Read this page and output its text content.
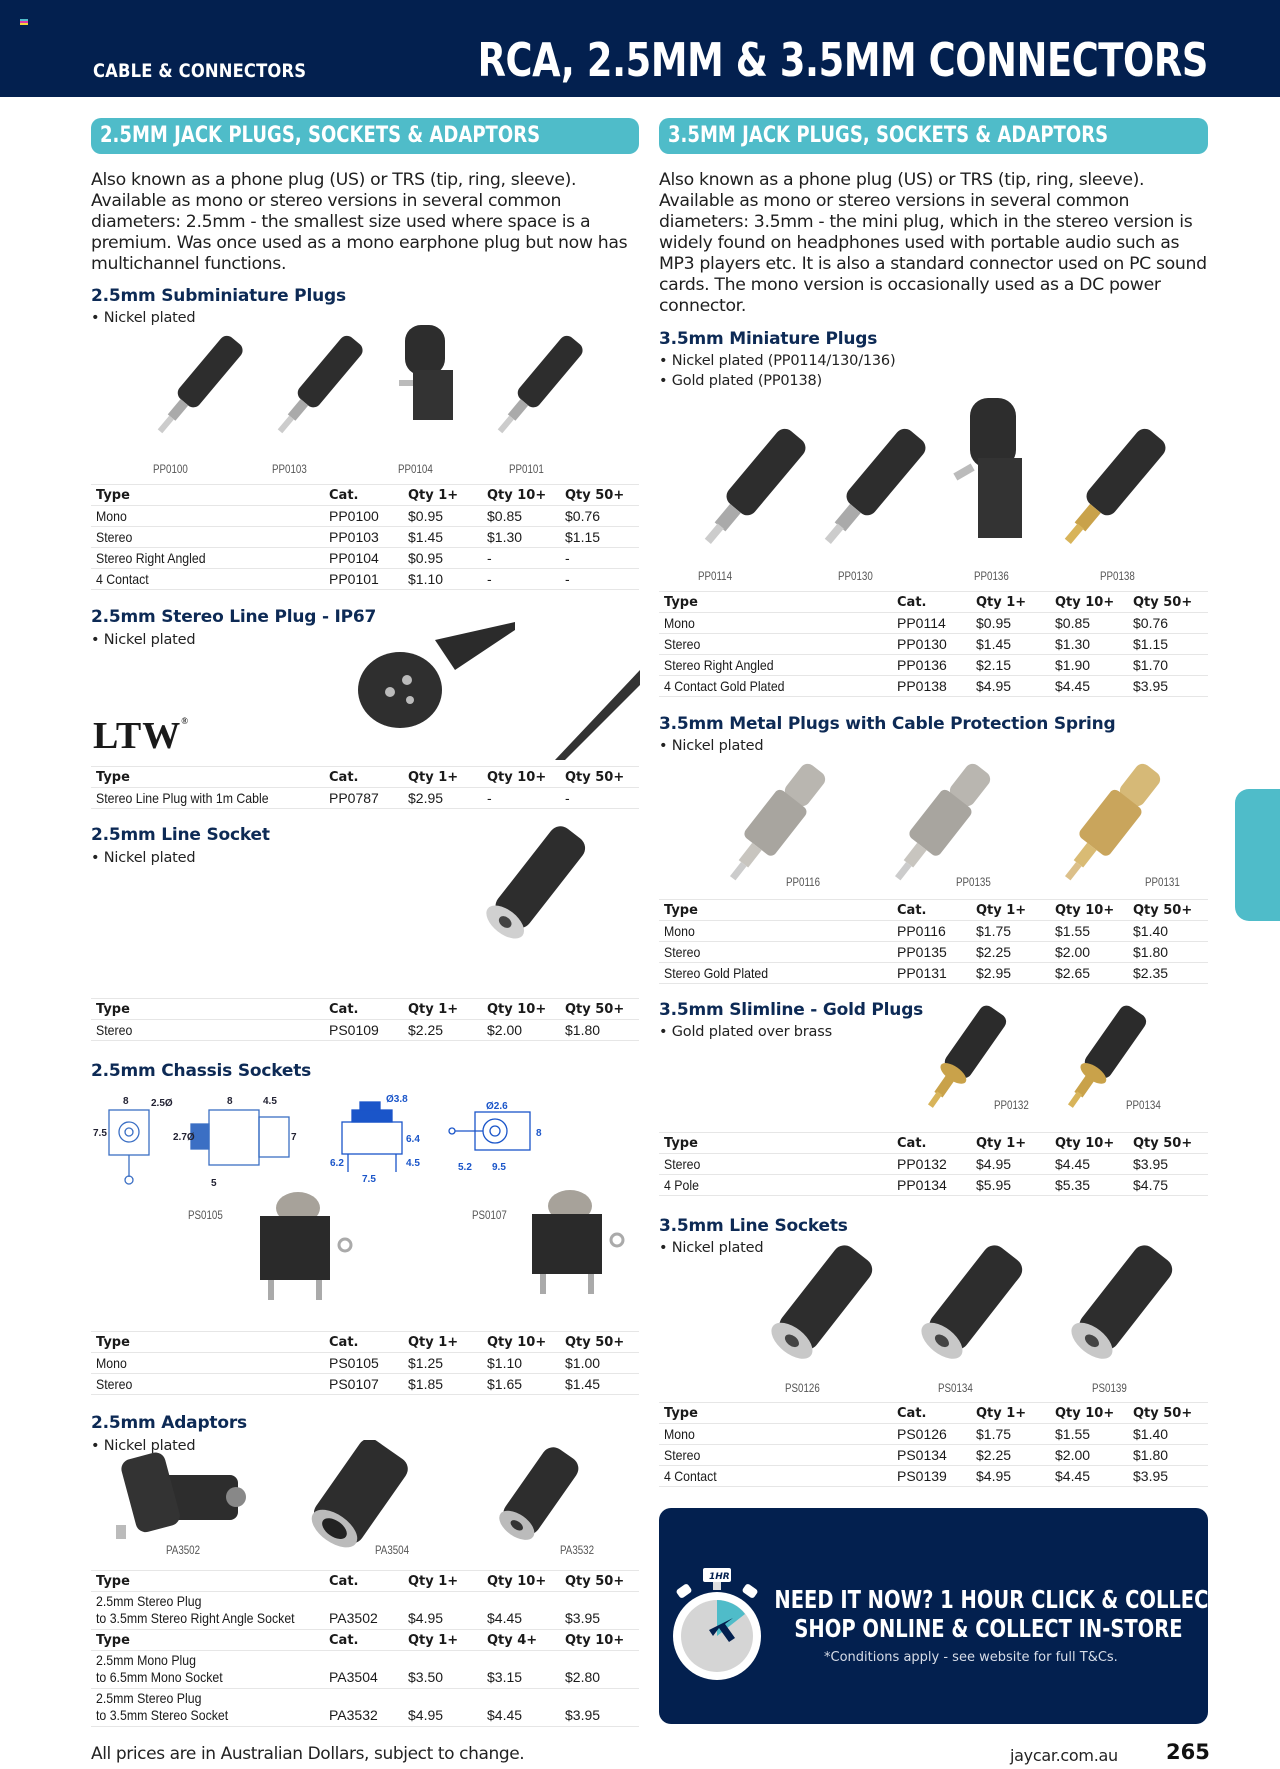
CABLE & CONNECTORS	RCA, 2.5MM & 3.5MM CONNECTORS
2.5MM JACK PLUGS, SOCKETS & ADAPTORS
Also known as a phone plug (US) or TRS (tip, ring, sleeve). Available as mono or stereo versions in several common diameters: 2.5mm - the smallest size used where space is a premium. Was once used as a mono earphone plug but now has multichannel functions.
2.5mm Subminiature Plugs
• Nickel plated
PP0100	PP0103	PP0104	PP0101
Type	Cat.	Qty 1+	Qty 10+	Qty 50+
Mono	PP0100	$0.95	$0.85	$0.76
Stereo	PP0103	$1.45	$1.30	$1.15
Stereo Right Angled	PP0104	$0.95	-	-
4 Contact	PP0101	$1.10	-	-
2.5mm Stereo Line Plug - IP67
• Nickel plated
LTW®
Type	Cat.	Qty 1+	Qty 10+	Qty 50+
Stereo Line Plug with 1m Cable	PP0787	$2.95	-	-
2.5mm Line Socket
• Nickel plated
Type	Cat.	Qty 1+	Qty 10+	Qty 50+
Stereo	PS0109	$2.25	$2.00	$1.80
2.5mm Chassis Sockets
8 2.5Ø
7.5
8	4.5
2.7Ø	7
5
Ø3.8
6.4
6.2	4.5
7.5
Ø2.6
8
5.2 9.5
PS0105	PS0107
Type	Cat.	Qty 1+	Qty 10+	Qty 50+
Mono	PS0105	$1.25	$1.10	$1.00
Stereo	PS0107	$1.85	$1.65	$1.45
2.5mm Adaptors
• Nickel plated
PA3502	PA3504	PA3532
Type	Cat.	Qty 1+	Qty 10+	Qty 50+
2.5mm Stereo Plug
to 3.5mm Stereo Right Angle Socket	PA3502	$4.95	$4.45	$3.95
Type	Cat.	Qty 1+	Qty 4+	Qty 10+
2.5mm Mono Plug
to 6.5mm Mono Socket	PA3504	$3.50	$3.15	$2.80
2.5mm Stereo Plug
to 3.5mm Stereo Socket	PA3532	$4.95	$4.45	$3.95
3.5MM JACK PLUGS, SOCKETS & ADAPTORS
Also known as a phone plug (US) or TRS (tip, ring, sleeve). Available as mono or stereo versions in several common diameters: 3.5mm - the mini plug, which in the stereo version is widely found on headphones used with portable audio such as MP3 players etc. It is also a standard connector used on PC sound cards. The mono version is occasionally used as a DC power connector.
3.5mm Miniature Plugs
• Nickel plated (PP0114/130/136)
• Gold plated (PP0138)
PP0114	PP0130	PP0136	PP0138
Type	Cat.	Qty 1+	Qty 10+	Qty 50+
Mono	PP0114	$0.95	$0.85	$0.76
Stereo	PP0130	$1.45	$1.30	$1.15
Stereo Right Angled	PP0136	$2.15	$1.90	$1.70
4 Contact Gold Plated	PP0138	$4.95	$4.45	$3.95
3.5mm Metal Plugs with Cable Protection Spring
• Nickel plated
PP0116	PP0135	PP0131
Type	Cat.	Qty 1+	Qty 10+	Qty 50+
Mono	PP0116	$1.75	$1.55	$1.40
Stereo	PP0135	$2.25	$2.00	$1.80
Stereo Gold Plated	PP0131	$2.95	$2.65	$2.35
3.5mm Slimline - Gold Plugs
• Gold plated over brass
PP0132	PP0134
Type	Cat.	Qty 1+	Qty 10+	Qty 50+
Stereo	PP0132	$4.95	$4.45	$3.95
4 Pole	PP0134	$5.95	$5.35	$4.75
3.5mm Line Sockets
• Nickel plated
PS0126	PS0134	PS0139
Type	Cat.	Qty 1+	Qty 10+	Qty 50+
Mono	PS0126	$1.75	$1.55	$1.40
Stereo	PS0134	$2.25	$2.00	$1.80
4 Contact	PS0139	$4.95	$4.45	$3.95
1HR
NEED IT NOW? 1 HOUR CLICK & COLLECT
SHOP ONLINE & COLLECT IN-STORE
*Conditions apply - see website for full T&Cs.
All prices are in Australian Dollars, subject to change.	jaycar.com.au 265
